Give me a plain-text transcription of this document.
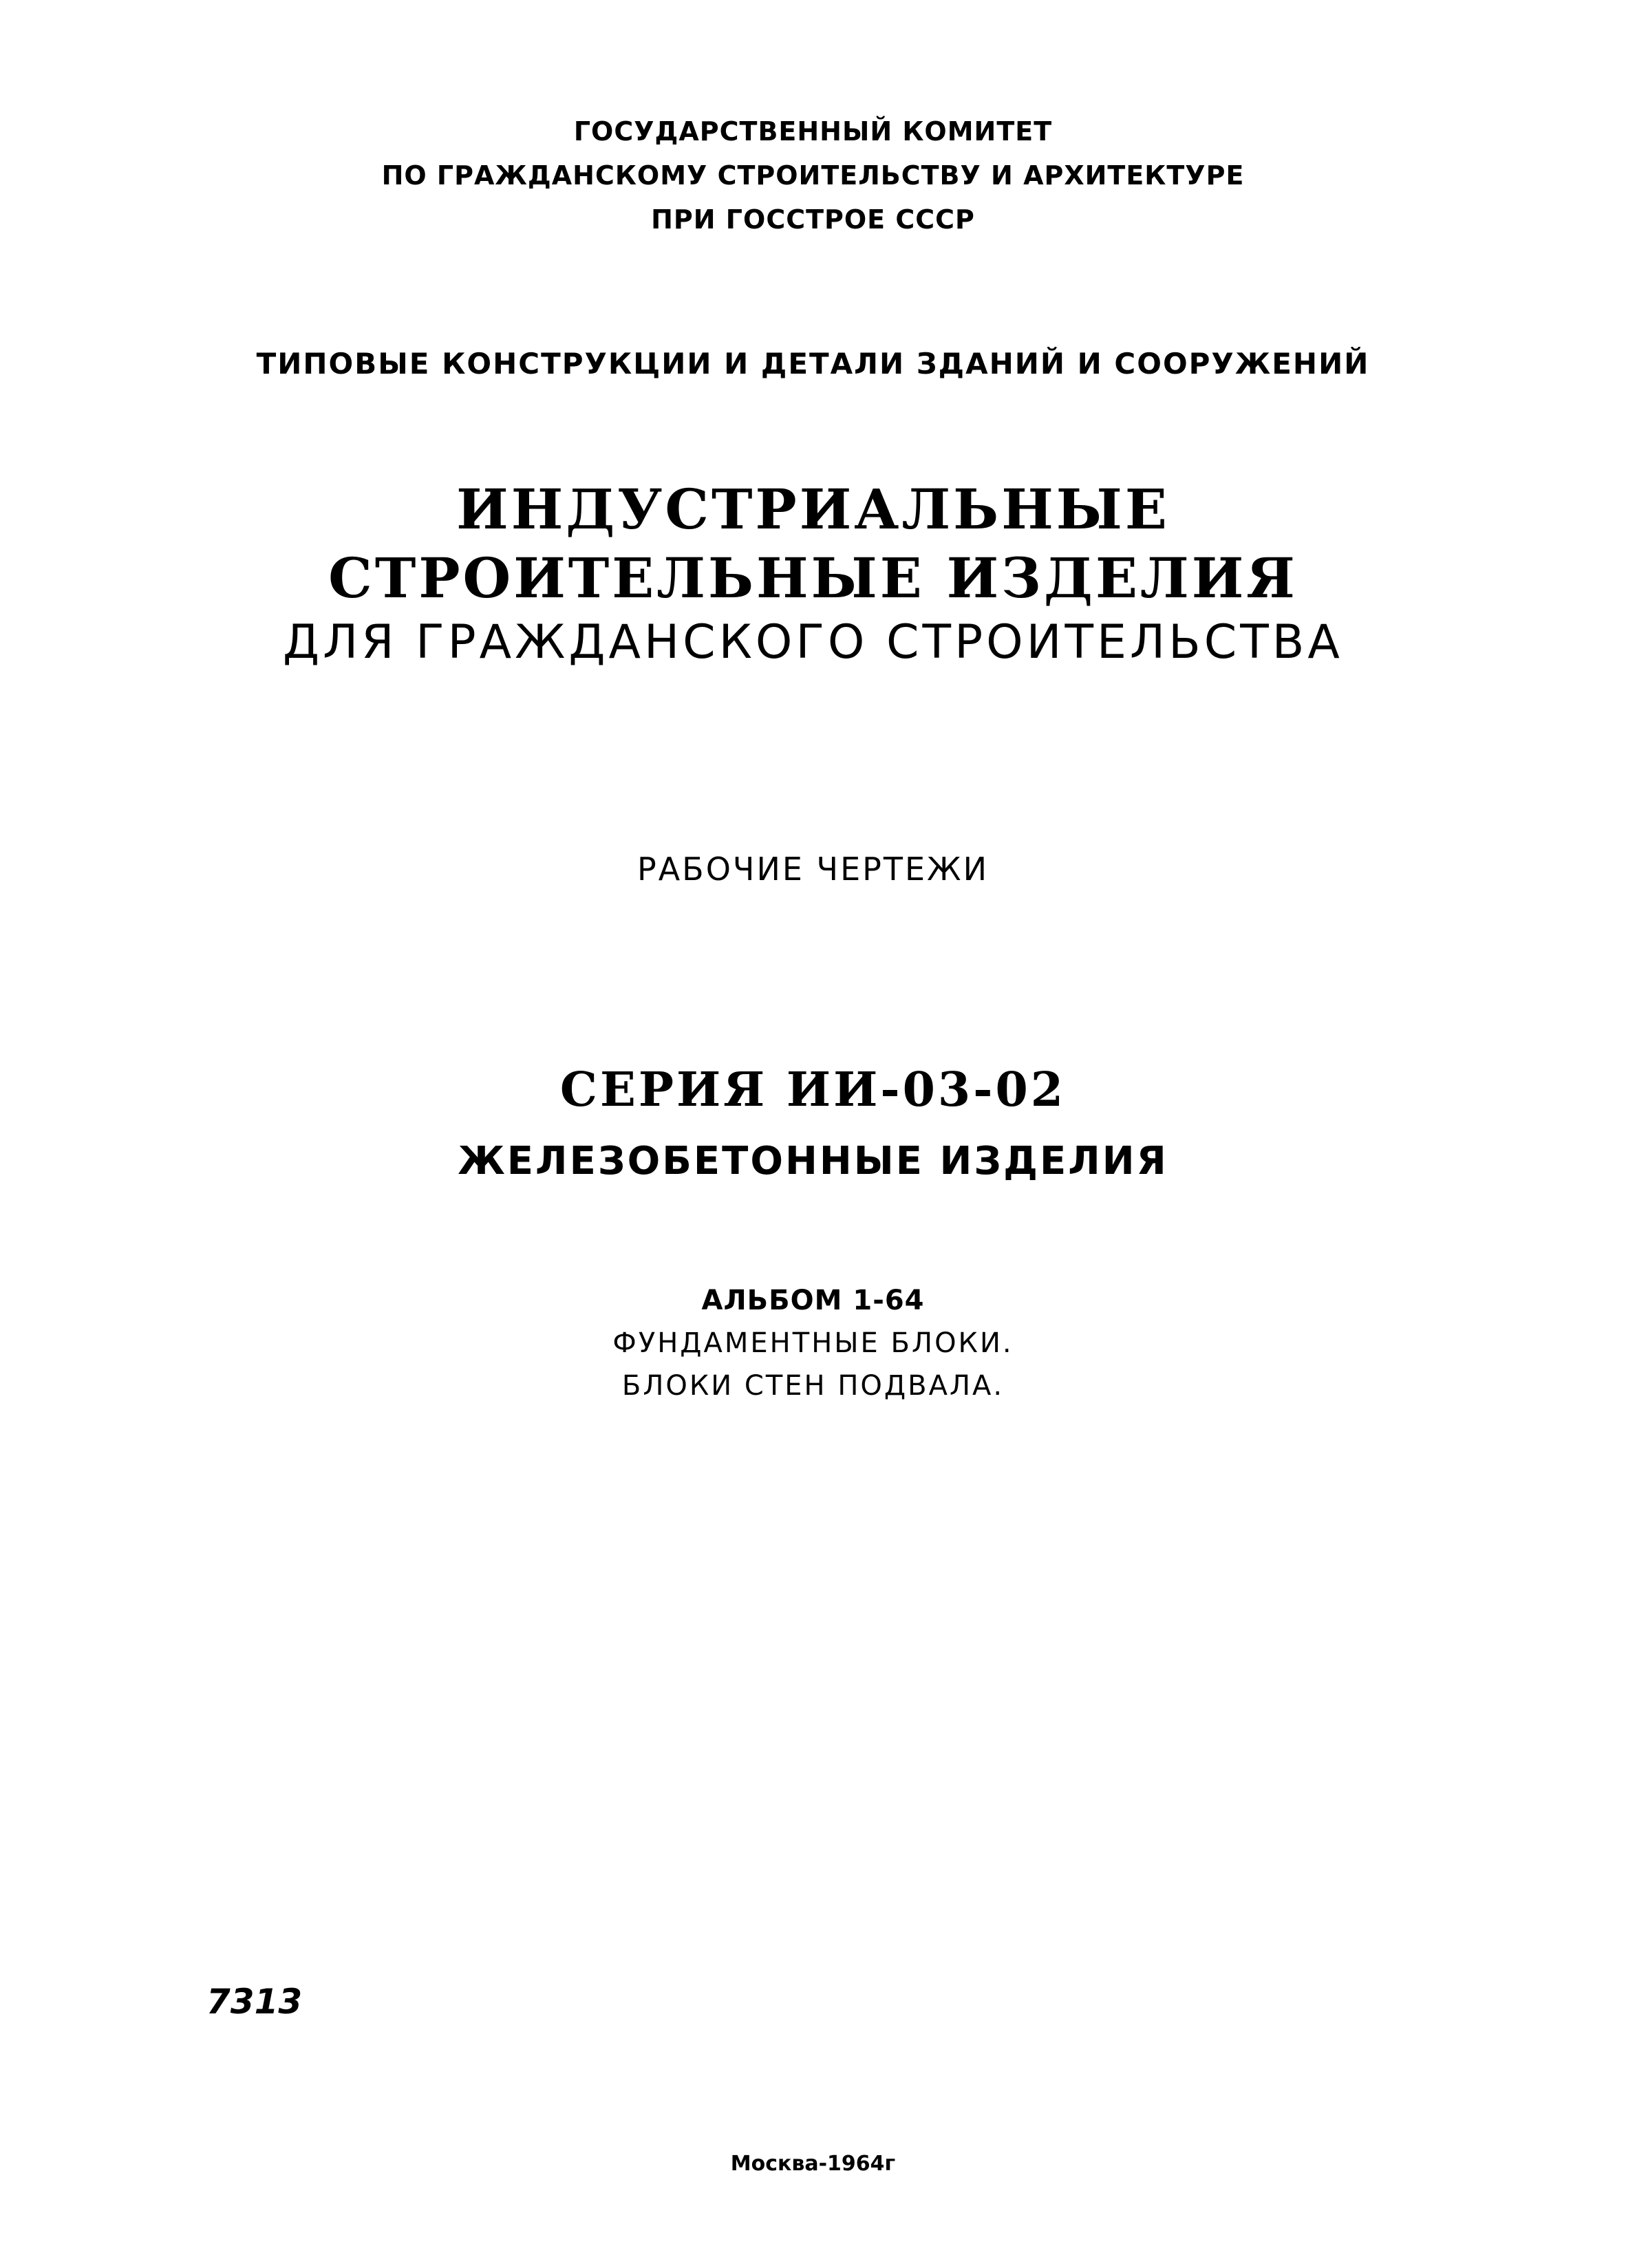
ГОСУДАРСТВЕННЫЙ КОМИТЕТ
ПО ГРАЖДАНСКОМУ СТРОИТЕЛЬСТВУ И АРХИТЕКТУРЕ
ПРИ ГОССТРОЕ СССР
ТИПОВЫЕ КОНСТРУКЦИИ И ДЕТАЛИ ЗДАНИЙ И СООРУЖЕНИЙ
ИНДУСТРИАЛЬНЫЕ
СТРОИТЕЛЬНЫЕ ИЗДЕЛИЯ
ДЛЯ ГРАЖДАНСКОГО СТРОИТЕЛЬСТВА
РАБОЧИЕ ЧЕРТЕЖИ
СЕРИЯ ИИ-03-02
ЖЕЛЕЗОБЕТОННЫЕ ИЗДЕЛИЯ
АЛЬБОМ 1-64
ФУНДАМЕНТНЫЕ БЛОКИ.
БЛОКИ СТЕН ПОДВАЛА.
7313
Москва-1964г
